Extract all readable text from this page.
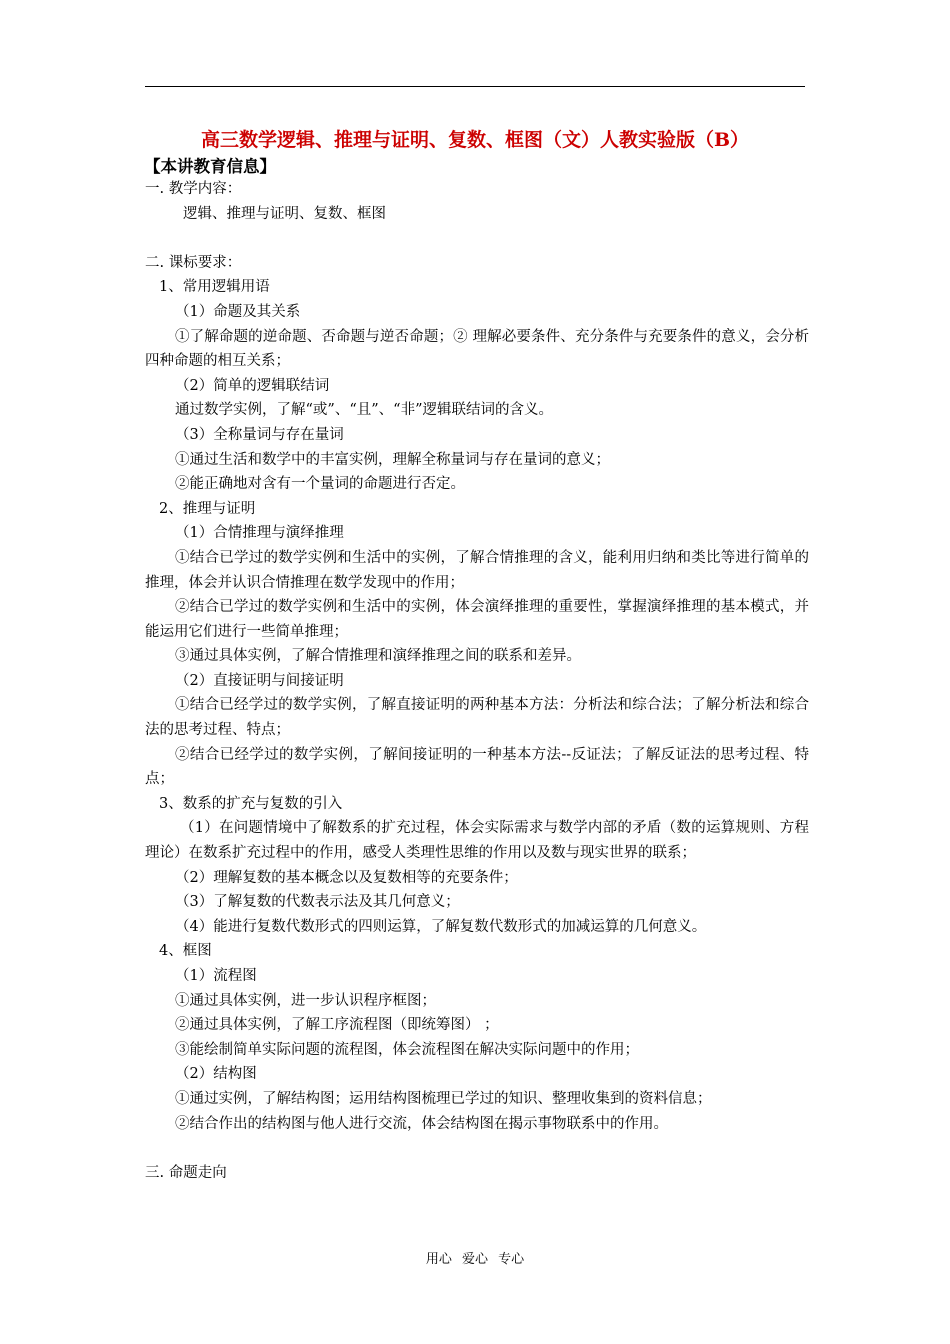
高三数学逻辑、推理与证明、复数、框图（文）人教实验版（B）
【本讲教育信息】
一. 教学内容：
逻辑、推理与证明、复数、框图
二. 课标要求：
1、常用逻辑用语
（1）命题及其关系
①了解命题的逆命题、否命题与逆否命题；② 理解必要条件、充分条件与充要条件的意义，会分析四种命题的相互关系；
（2）简单的逻辑联结词
通过数学实例，了解“或”、“且”、“非”逻辑联结词的含义。
（3）全称量词与存在量词
①通过生活和数学中的丰富实例，理解全称量词与存在量词的意义；
②能正确地对含有一个量词的命题进行否定。
2、推理与证明
（1）合情推理与演绎推理
①结合已学过的数学实例和生活中的实例，了解合情推理的含义，能利用归纳和类比等进行简单的推理，体会并认识合情推理在数学发现中的作用；
②结合已学过的数学实例和生活中的实例，体会演绎推理的重要性，掌握演绎推理的基本模式，并能运用它们进行一些简单推理；
③通过具体实例，了解合情推理和演绎推理之间的联系和差异。
（2）直接证明与间接证明
①结合已经学过的数学实例，了解直接证明的两种基本方法：分析法和综合法；了解分析法和综合法的思考过程、特点；
②结合已经学过的数学实例，了解间接证明的一种基本方法--反证法；了解反证法的思考过程、特点；
3、数系的扩充与复数的引入
（1）在问题情境中了解数系的扩充过程，体会实际需求与数学内部的矛盾（数的运算规则、方程理论）在数系扩充过程中的作用，感受人类理性思维的作用以及数与现实世界的联系；
（2）理解复数的基本概念以及复数相等的充要条件；
（3）了解复数的代数表示法及其几何意义；
（4）能进行复数代数形式的四则运算，了解复数代数形式的加减运算的几何意义。
4、框图
（1）流程图
①通过具体实例，进一步认识程序框图；
②通过具体实例，了解工序流程图（即统筹图） ；
③能绘制简单实际问题的流程图，体会流程图在解决实际问题中的作用；
（2）结构图
①通过实例，了解结构图；运用结构图梳理已学过的知识、整理收集到的资料信息；
②结合作出的结构图与他人进行交流，体会结构图在揭示事物联系中的作用。
三. 命题走向
用心 爱心 专心
